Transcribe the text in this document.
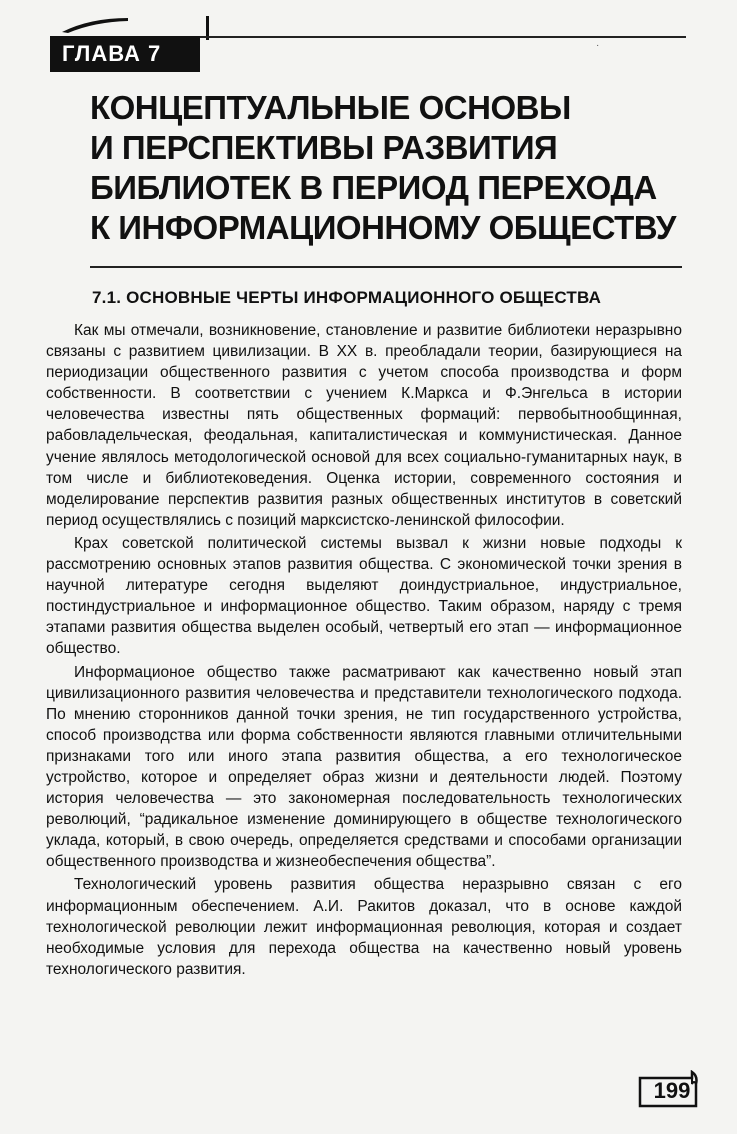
ГЛАВА 7	·
КОНЦЕПТУАЛЬНЫЕ ОСНОВЫ
И ПЕРСПЕКТИВЫ РАЗВИТИЯ
БИБЛИОТЕК В ПЕРИОД ПЕРЕХОДА
К ИНФОРМАЦИОННОМУ ОБЩЕСТВУ
7.1. ОСНОВНЫЕ ЧЕРТЫ ИНФОРМАЦИОННОГО ОБЩЕСТВА

Как мы отмечали, возникновение, становление и развитие библиотеки неразрывно связаны с развитием цивилизации. В XX в. преобладали теории, базирующиеся на периодизации общественного развития с учетом способа производства и форм собственности. В соответствии с учением К.Маркса и Ф.Энгельса в истории человечества известны пять общественных формаций: первобытнообщинная, рабовладельческая, феодальная, капиталистическая и коммунистическая. Данное учение являлось методологической основой для всех социально-гуманитарных наук, в том числе и библиотековедения. Оценка истории, современного состояния и моделирование перспектив развития разных общественных институтов в советский период осуществлялись с позиций марксистско-ленинской философии.

Крах советской политической системы вызвал к жизни новые подходы к рассмотрению основных этапов развития общества. С экономической точки зрения в научной литературе сегодня выделяют доиндустриальное, индустриальное, постиндустриальное и информационное общество. Таким образом, наряду с тремя этапами развития общества выделен особый, четвертый его этап — информационное общество.

Информационое общество также расматривают как качественно новый этап цивилизационного развития человечества и представители технологического подхода. По мнению сторонников данной точки зрения, не тип государственного устройства, способ производства или форма собственности являются главными отличительными признаками того или иного этапа развития общества, а его технологическое устройство, которое и определяет образ жизни и деятельности людей. Поэтому история человечества — это закономерная последовательность технологических революций, “радикальное изменение доминирующего в обществе технологического уклада, который, в свою очередь, определяется средствами и способами организации общественного производства и жизнеобеспечения общества”.

Технологический уровень развития общества неразрывно связан с его информационным обеспечением. А.И. Ракитов доказал, что в основе каждой технологической революции лежит информационная революция, которая и создает необходимые условия для перехода общества на качественно новый уровень технологического развития.

199
